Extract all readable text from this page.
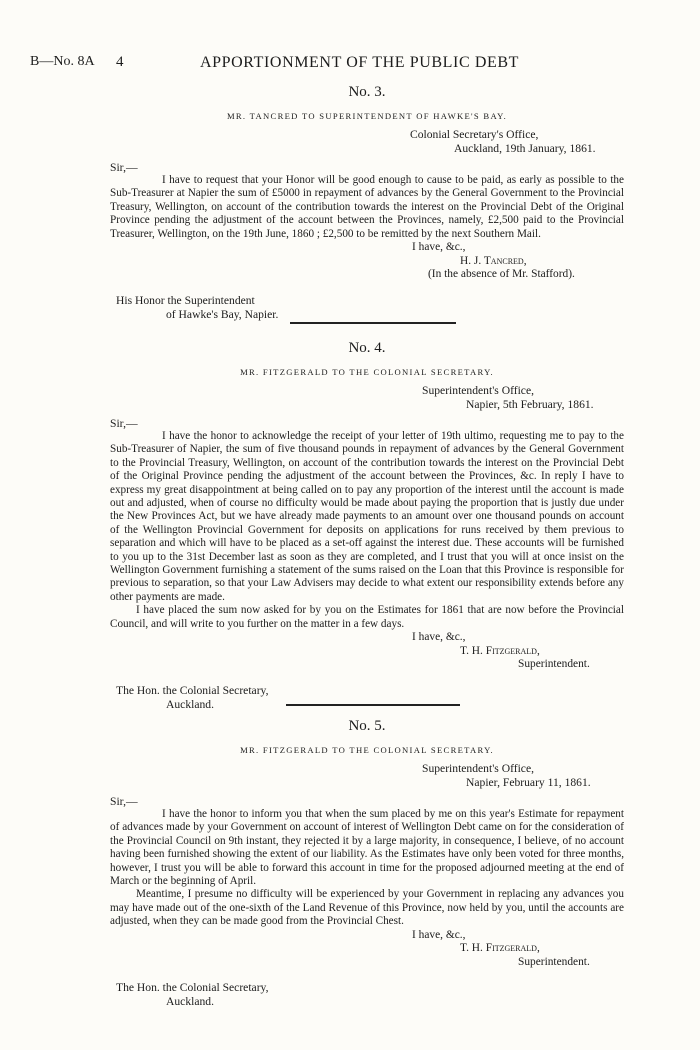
B—No. 8A 4	APPORTIONMENT OF THE PUBLIC DEBT
No. 3.
MR. TANCRED TO SUPERINTENDENT OF HAWKE'S BAY.
Colonial Secretary's Office,
Auckland, 19th January, 1861.
Sir,—

I have to request that your Honor will be good enough to cause to be paid, as early as possible to the Sub-Treasurer at Napier the sum of £5000 in repayment of advances by the General Government to the Provincial Treasury, Wellington, on account of the contribution towards the interest on the Provincial Debt of the Original Province pending the adjustment of the account between the Provinces, namely, £2,500 paid to the Provincial Treasurer, Wellington, on the 19th June, 1860 ; £2,500 to be remitted by the next Southern Mail.

I have, &c.,
H. J. Tancred,
(In the absence of Mr. Stafford).
His Honor the Superintendent
of Hawke's Bay, Napier.
No. 4.
MR. FITZGERALD TO THE COLONIAL SECRETARY.
Superintendent's Office,
Napier, 5th February, 1861.
Sir,—

I have the honor to acknowledge the receipt of your letter of 19th ultimo, requesting me to pay to the Sub-Treasurer of Napier, the sum of five thousand pounds in repayment of advances by the General Government to the Provincial Treasury, Wellington, on account of the contribution towards the interest on the Provincial Debt of the Original Province pending the adjustment of the account between the Provinces, &c. In reply I have to express my great disappointment at being called on to pay any proportion of the interest until the account is made out and adjusted, when of course no difficulty would be made about paying the proportion that is justly due under the New Provinces Act, but we have already made payments to an amount over one thousand pounds on account of the Wellington Provincial Government for deposits on applications for runs received by them previous to separation and which will have to be placed as a set-off against the interest due. These accounts will be furnished to you up to the 31st December last as soon as they are completed, and I trust that you will at once insist on the Wellington Government furnishing a statement of the sums raised on the Loan that this Province is responsible for previous to separation, so that your Law Advisers may decide to what extent our responsibility extends before any other payments are made.

I have placed the sum now asked for by you on the Estimates for 1861 that are now before the Provincial Council, and will write to you further on the matter in a few days.

I have, &c.,
T. H. Fitzgerald,
Superintendent.
The Hon. the Colonial Secretary,
Auckland.
No. 5.
MR. FITZGERALD TO THE COLONIAL SECRETARY.
Superintendent's Office,
Napier, February 11, 1861.
Sir,—

I have the honor to inform you that when the sum placed by me on this year's Estimate for repayment of advances made by your Government on account of interest of Wellington Debt came on for the consideration of the Provincial Council on 9th instant, they rejected it by a large majority, in consequence, I believe, of no account having been furnished showing the extent of our liability. As the Estimates have only been voted for three months, however, I trust you will be able to forward this account in time for the proposed adjourned meeting at the end of March or the beginning of April.

Meantime, I presume no difficulty will be experienced by your Government in replacing any advances you may have made out of the one-sixth of the Land Revenue of this Province, now held by you, until the accounts are adjusted, when they can be made good from the Provincial Chest.

I have, &c.,
T. H. Fitzgerald,
Superintendent.
The Hon. the Colonial Secretary,
Auckland.
